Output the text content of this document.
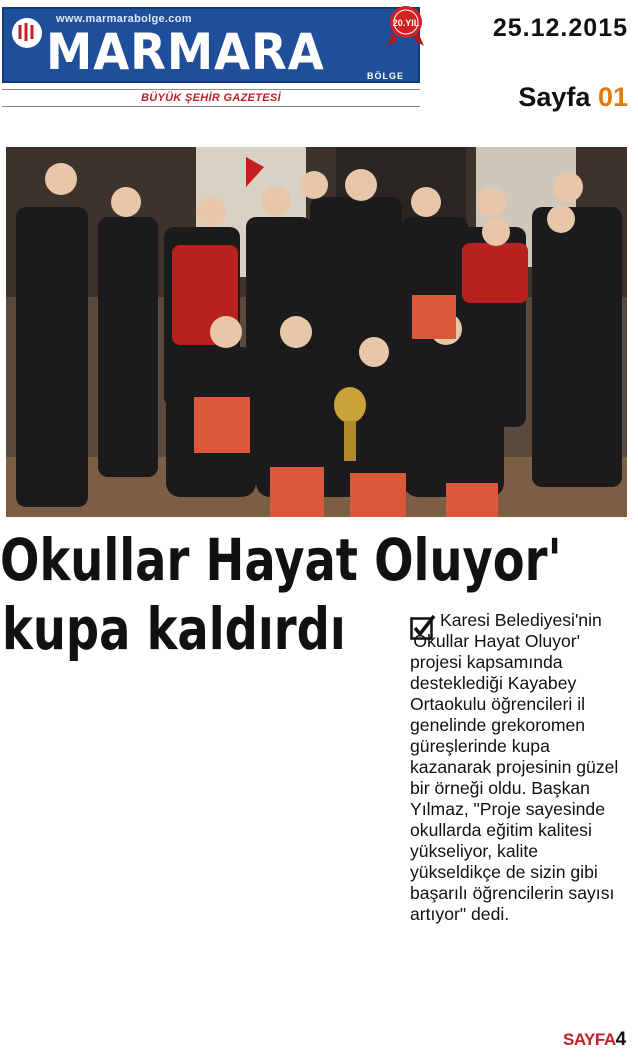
www.marmarabolge.com
MARMARA	BÖLGE
20.YIL
BÜYÜK ŞEHİR GAZETESİ
25.12.2015
Sayfa 01
Okullar Hayat Oluyor'
kupa kaldırdı	Karesi Belediyesi'nin 'Okullar Hayat Oluyor' projesi kapsamında desteklediği Kayabey Ortaokulu öğrencileri il genelinde grekoromen güreşlerinde kupa kazanarak projesinin güzel bir örneği oldu. Başkan Yılmaz, "Proje sayesinde okullarda eğitim kalitesi yükseliyor, kalite yükseldikçe de sizin gibi başarılı öğrencilerin sayısı artıyor" dedi.
SAYFA4
